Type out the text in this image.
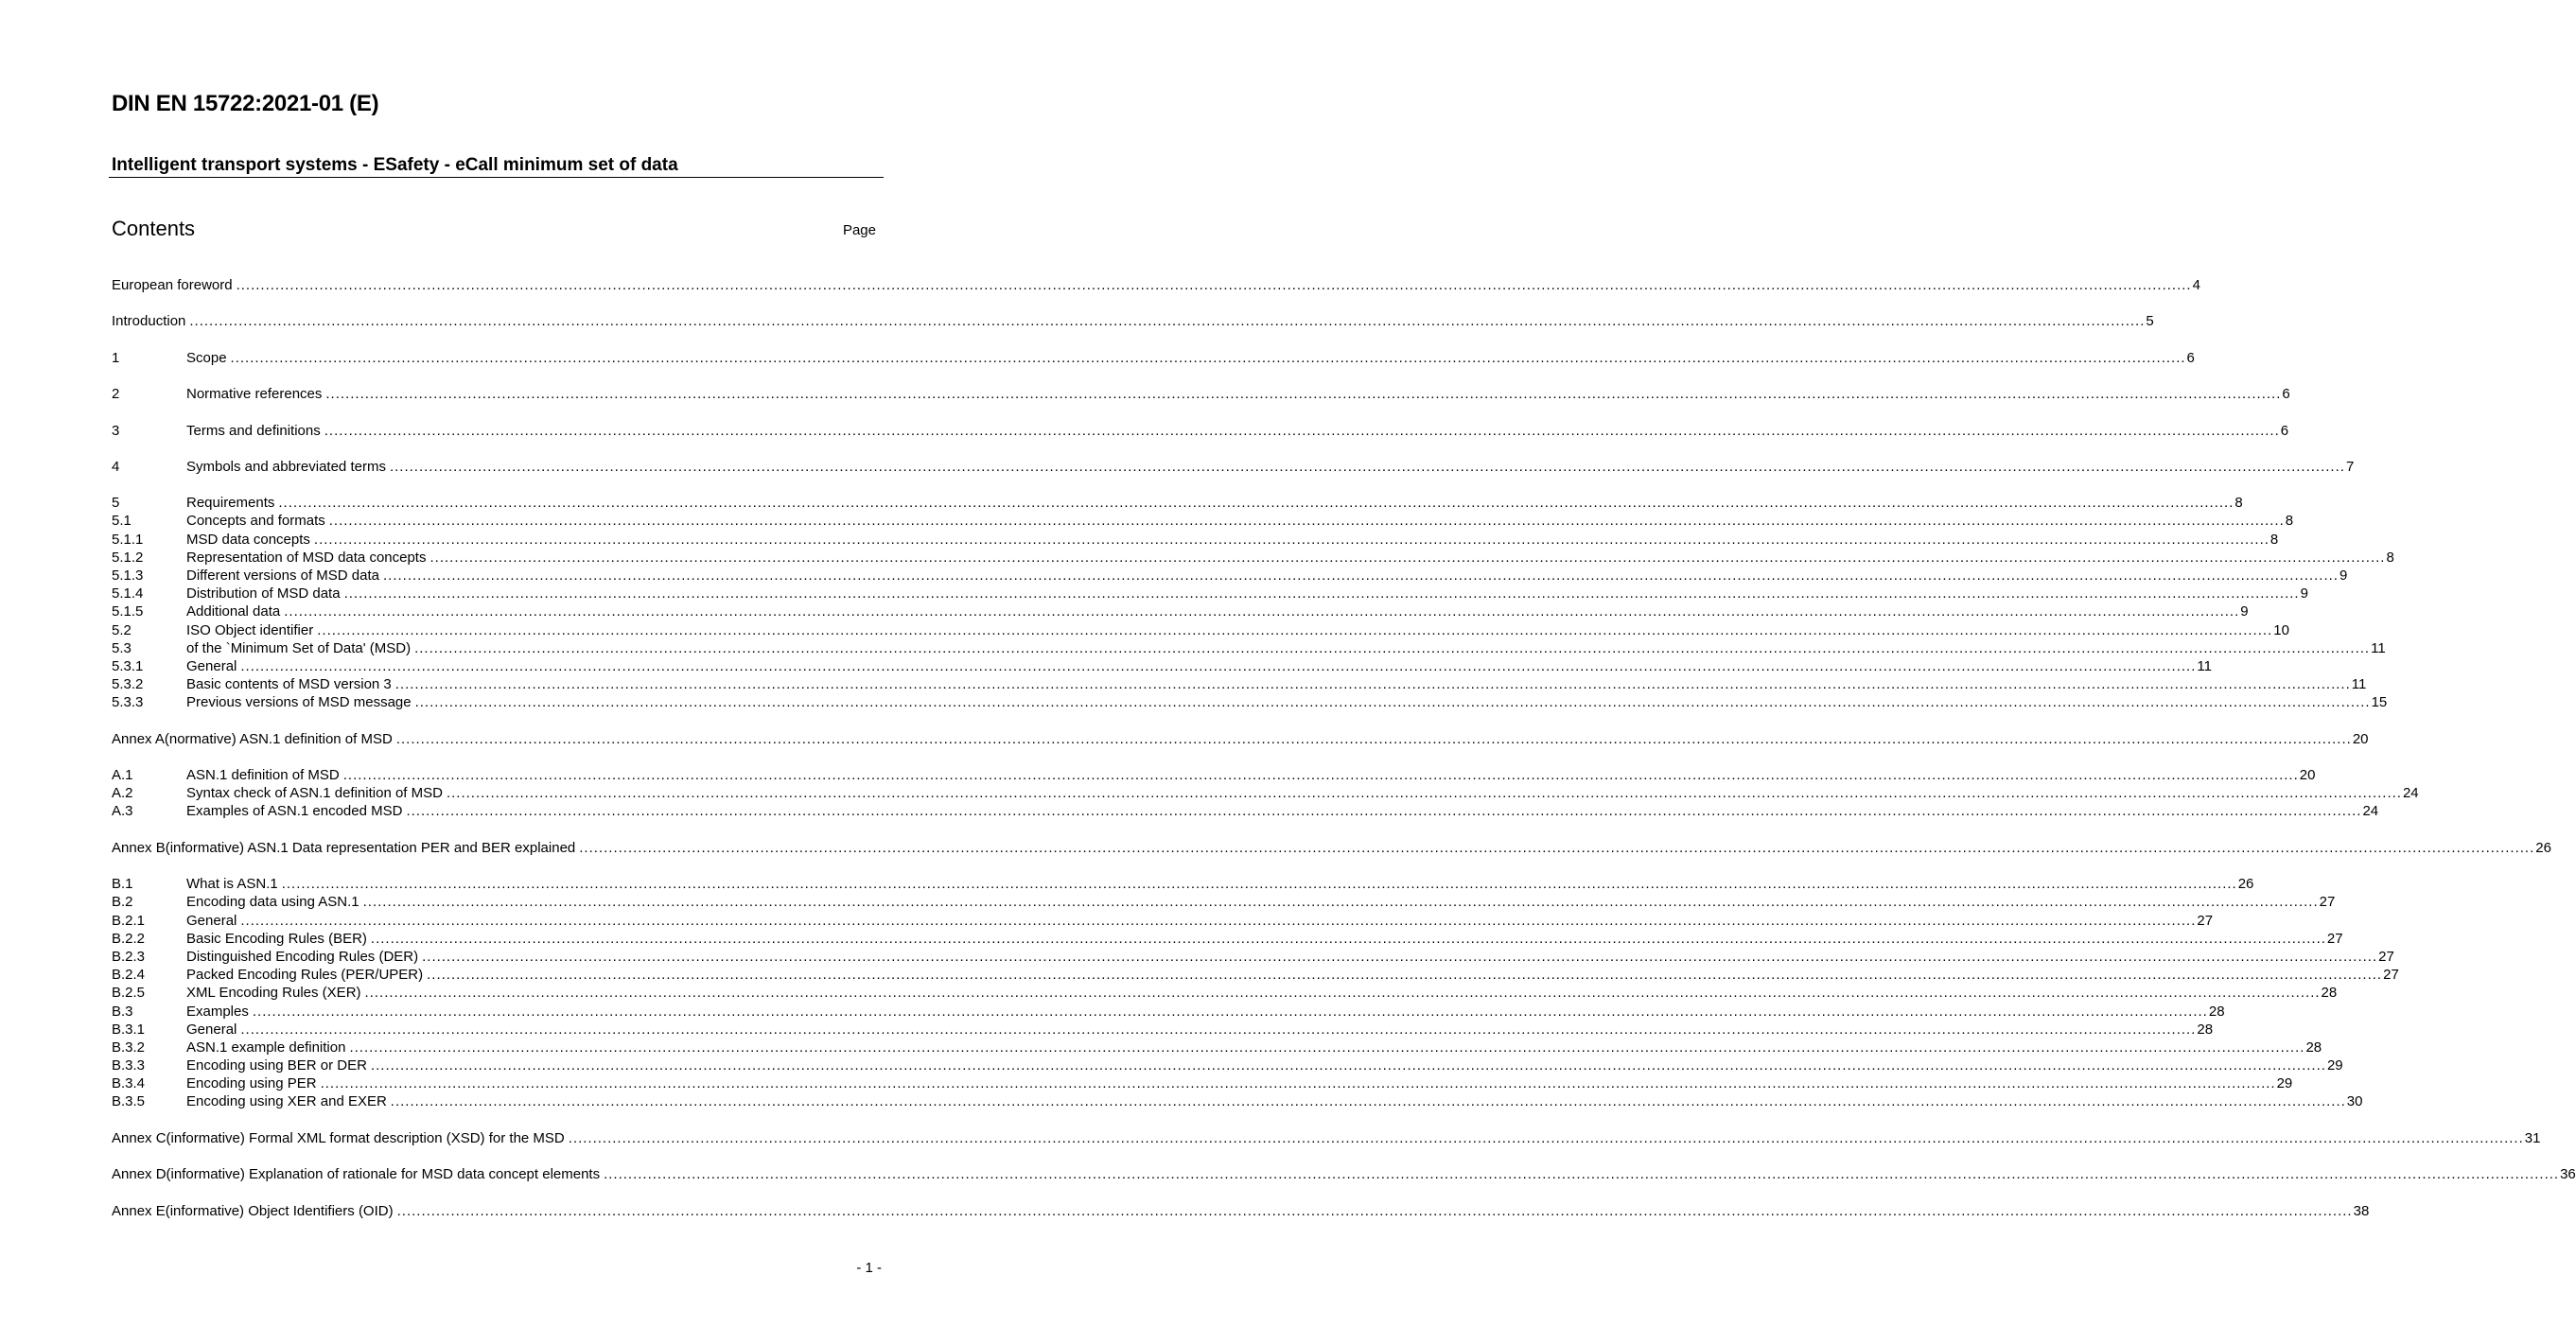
DIN EN 15722:2021-01 (E)
Intelligent transport systems - ESafety - eCall minimum set of data
Contents	Page
European foreword ................................................................................................................................................................................................................................................................................................................................................................................................................ 4
Introduction ................................................................................................................................................................................................................................................................................................................................................................................................................ 5
1	Scope ................................................................................................................................................................................................................................................................................................................................................................................................................ 6
2	Normative references ................................................................................................................................................................................................................................................................................................................................................................................................................ 6
3	Terms and definitions ................................................................................................................................................................................................................................................................................................................................................................................................................ 6
4	Symbols and abbreviated terms ................................................................................................................................................................................................................................................................................................................................................................................................................ 7
5	Requirements ................................................................................................................................................................................................................................................................................................................................................................................................................ 8
5.1	Concepts and formats ................................................................................................................................................................................................................................................................................................................................................................................................................ 8
5.1.1	MSD data concepts ................................................................................................................................................................................................................................................................................................................................................................................................................ 8
5.1.2	Representation of MSD data concepts ................................................................................................................................................................................................................................................................................................................................................................................................................ 8
5.1.3	Different versions of MSD data ................................................................................................................................................................................................................................................................................................................................................................................................................ 9
5.1.4	Distribution of MSD data ................................................................................................................................................................................................................................................................................................................................................................................................................ 9
5.1.5	Additional data ................................................................................................................................................................................................................................................................................................................................................................................................................ 9
5.2	ISO Object identifier ................................................................................................................................................................................................................................................................................................................................................................................................................ 10
5.3	of the `Minimum Set of Data' (MSD) ................................................................................................................................................................................................................................................................................................................................................................................................................ 11
5.3.1	General ................................................................................................................................................................................................................................................................................................................................................................................................................ 11
5.3.2	Basic contents of MSD version 3 ................................................................................................................................................................................................................................................................................................................................................................................................................ 11
5.3.3	Previous versions of MSD message ................................................................................................................................................................................................................................................................................................................................................................................................................ 15
Annex A(normative) ASN.1 definition of MSD ................................................................................................................................................................................................................................................................................................................................................................................................................ 20
A.1	ASN.1 definition of MSD ................................................................................................................................................................................................................................................................................................................................................................................................................ 20
A.2	Syntax check of ASN.1 definition of MSD ................................................................................................................................................................................................................................................................................................................................................................................................................ 24
A.3	Examples of ASN.1 encoded MSD ................................................................................................................................................................................................................................................................................................................................................................................................................ 24
Annex B(informative) ASN.1 Data representation PER and BER explained ................................................................................................................................................................................................................................................................................................................................................................................................................ 26
B.1	What is ASN.1 ................................................................................................................................................................................................................................................................................................................................................................................................................ 26
B.2	Encoding data using ASN.1 ................................................................................................................................................................................................................................................................................................................................................................................................................ 27
B.2.1	General ................................................................................................................................................................................................................................................................................................................................................................................................................ 27
B.2.2	Basic Encoding Rules (BER) ................................................................................................................................................................................................................................................................................................................................................................................................................ 27
B.2.3	Distinguished Encoding Rules (DER) ................................................................................................................................................................................................................................................................................................................................................................................................................ 27
B.2.4	Packed Encoding Rules (PER/UPER) ................................................................................................................................................................................................................................................................................................................................................................................................................ 27
B.2.5	XML Encoding Rules (XER) ................................................................................................................................................................................................................................................................................................................................................................................................................ 28
B.3	Examples ................................................................................................................................................................................................................................................................................................................................................................................................................ 28
B.3.1	General ................................................................................................................................................................................................................................................................................................................................................................................................................ 28
B.3.2	ASN.1 example definition ................................................................................................................................................................................................................................................................................................................................................................................................................ 28
B.3.3	Encoding using BER or DER ................................................................................................................................................................................................................................................................................................................................................................................................................ 29
B.3.4	Encoding using PER ................................................................................................................................................................................................................................................................................................................................................................................................................ 29
B.3.5	Encoding using XER and EXER ................................................................................................................................................................................................................................................................................................................................................................................................................ 30
Annex C(informative) Formal XML format description (XSD) for the MSD ................................................................................................................................................................................................................................................................................................................................................................................................................ 31
Annex D(informative) Explanation of rationale for MSD data concept elements ................................................................................................................................................................................................................................................................................................................................................................................................................ 36
Annex E(informative) Object Identifiers (OID) ................................................................................................................................................................................................................................................................................................................................................................................................................ 38
- 1 -
